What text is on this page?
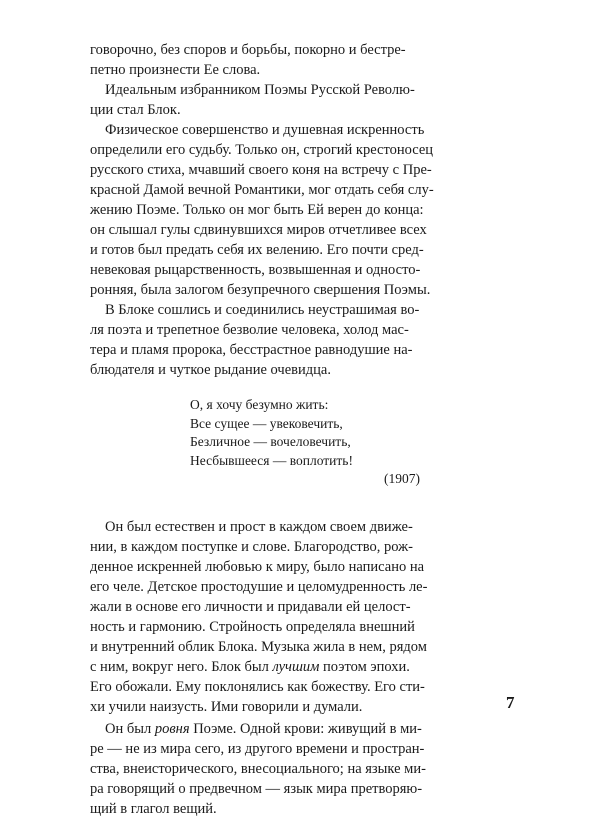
говорочно, без споров и борьбы, покорно и бестре-
петно произнести Ее слова.

Идеальным избранником Поэмы Русской Револю-
ции стал Блок.

Физическое совершенство и душевная искренность
определили его судьбу. Только он, строгий крестоносец
русского стиха, мчавший своего коня на встречу с Пре-
красной Дамой вечной Романтики, мог отдать себя слу-
жению Поэме. Только он мог быть Ей верен до конца:
он слышал гулы сдвинувшихся миров отчетливее всех
и готов был предать себя их велению. Его почти сред-
невековая рыцарственность, возвышенная и односто-
ронняя, была залогом безупречного свершения Поэмы.

В Блоке сошлись и соединились неустрашимая во-
ля поэта и трепетное безволие человека, холод мас-
тера и пламя пророка, бесстрастное равнодушие на-
блюдателя и чуткое рыдание очевидца.

О, я хочу безумно жить:
Все сущее — увековечить,
Безличное — вочеловечить,
Несбывшееся — воплотить!
(1907)

Он был естествен и прост в каждом своем движе-
нии, в каждом поступке и слове. Благородство, рож-
денное искренней любовью к миру, было написано на
его челе. Детское простодушие и целомудренность ле-
жали в основе его личности и придавали ей целост-
ность и гармонию. Стройность определяла внешний
и внутренний облик Блока. Музыка жила в нем, рядом
с ним, вокруг него. Блок был лучшим поэтом эпохи.
Его обожали. Ему поклонялись как божеству. Его сти-
хи учили наизусть. Ими говорили и думали.

Он был ровня Поэме. Одной крови: живущий в ми-
ре — не из мира сего, из другого времени и простран-
ства, внеисторического, внесоциального; на языке ми-
ра говорящий о предвечном — язык мира претворяю-
щий в глагол вещий.

7
